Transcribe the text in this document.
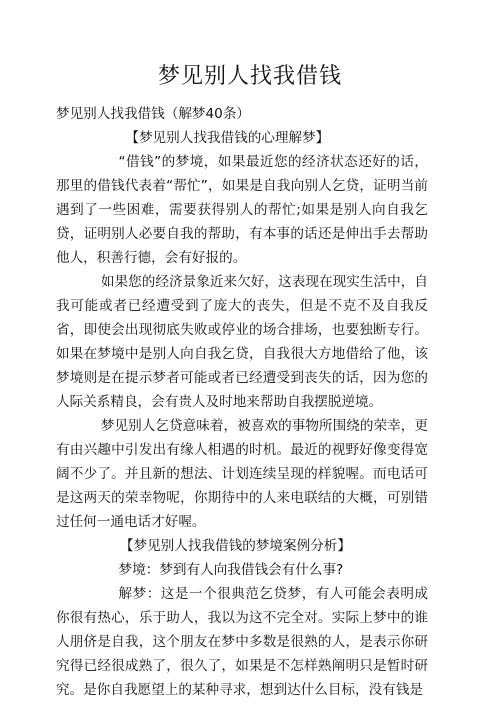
梦见别人找我借钱

梦见别人找我借钱（解梦40条）

【梦见别人找我借钱的心理解梦】

“借钱”的梦境，如果最近您的经济状态还好的话，那里的借钱代表着“帮忙”，如果是自我向别人乞贷，证明当前遇到了一些困难，需要获得别人的帮忙;如果是别人向自我乞贷，证明别人必要自我的帮助，有本事的话还是伸出手去帮助他人，积善行德，会有好报的。

如果您的经济景象近来欠好，这表现在现实生活中，自我可能或者已经遭受到了庞大的丧失，但是不克不及自我反省，即使会出现彻底失败或停业的场合排场，也要独断专行。如果在梦境中是别人向自我乞贷，自我很大方地借给了他，该梦境则是在提示梦者可能或者已经遭受到丧失的话，因为您的人际关系精良，会有贵人及时地来帮助自我摆脱逆境。

梦见别人乞贷意味着，被喜欢的事物所围绕的荣幸，更有由兴趣中引发出有缘人相遇的时机。最近的视野好像变得宽阔不少了。并且新的想法、计划连续呈现的样貌喔。而电话可是这两天的荣幸物呢，你期待中的人来电联结的大概，可别错过任何一通电话才好喔。

【梦见别人找我借钱的梦境案例分析】

梦境：梦到有人向我借钱会有什么事?

解梦：这是一个很典范乞贷梦，有人可能会表明成你很有热心，乐于助人，我以为这不完全对。实际上梦中的谁人朋侪是自我，这个朋友在梦中多数是很熟的人，是表示你研究得已经很成熟了，很久了，如果是不怎样熟阐明只是暂时研究。是你自我愿望上的某种寻求，想到达什么目标，没有钱是
